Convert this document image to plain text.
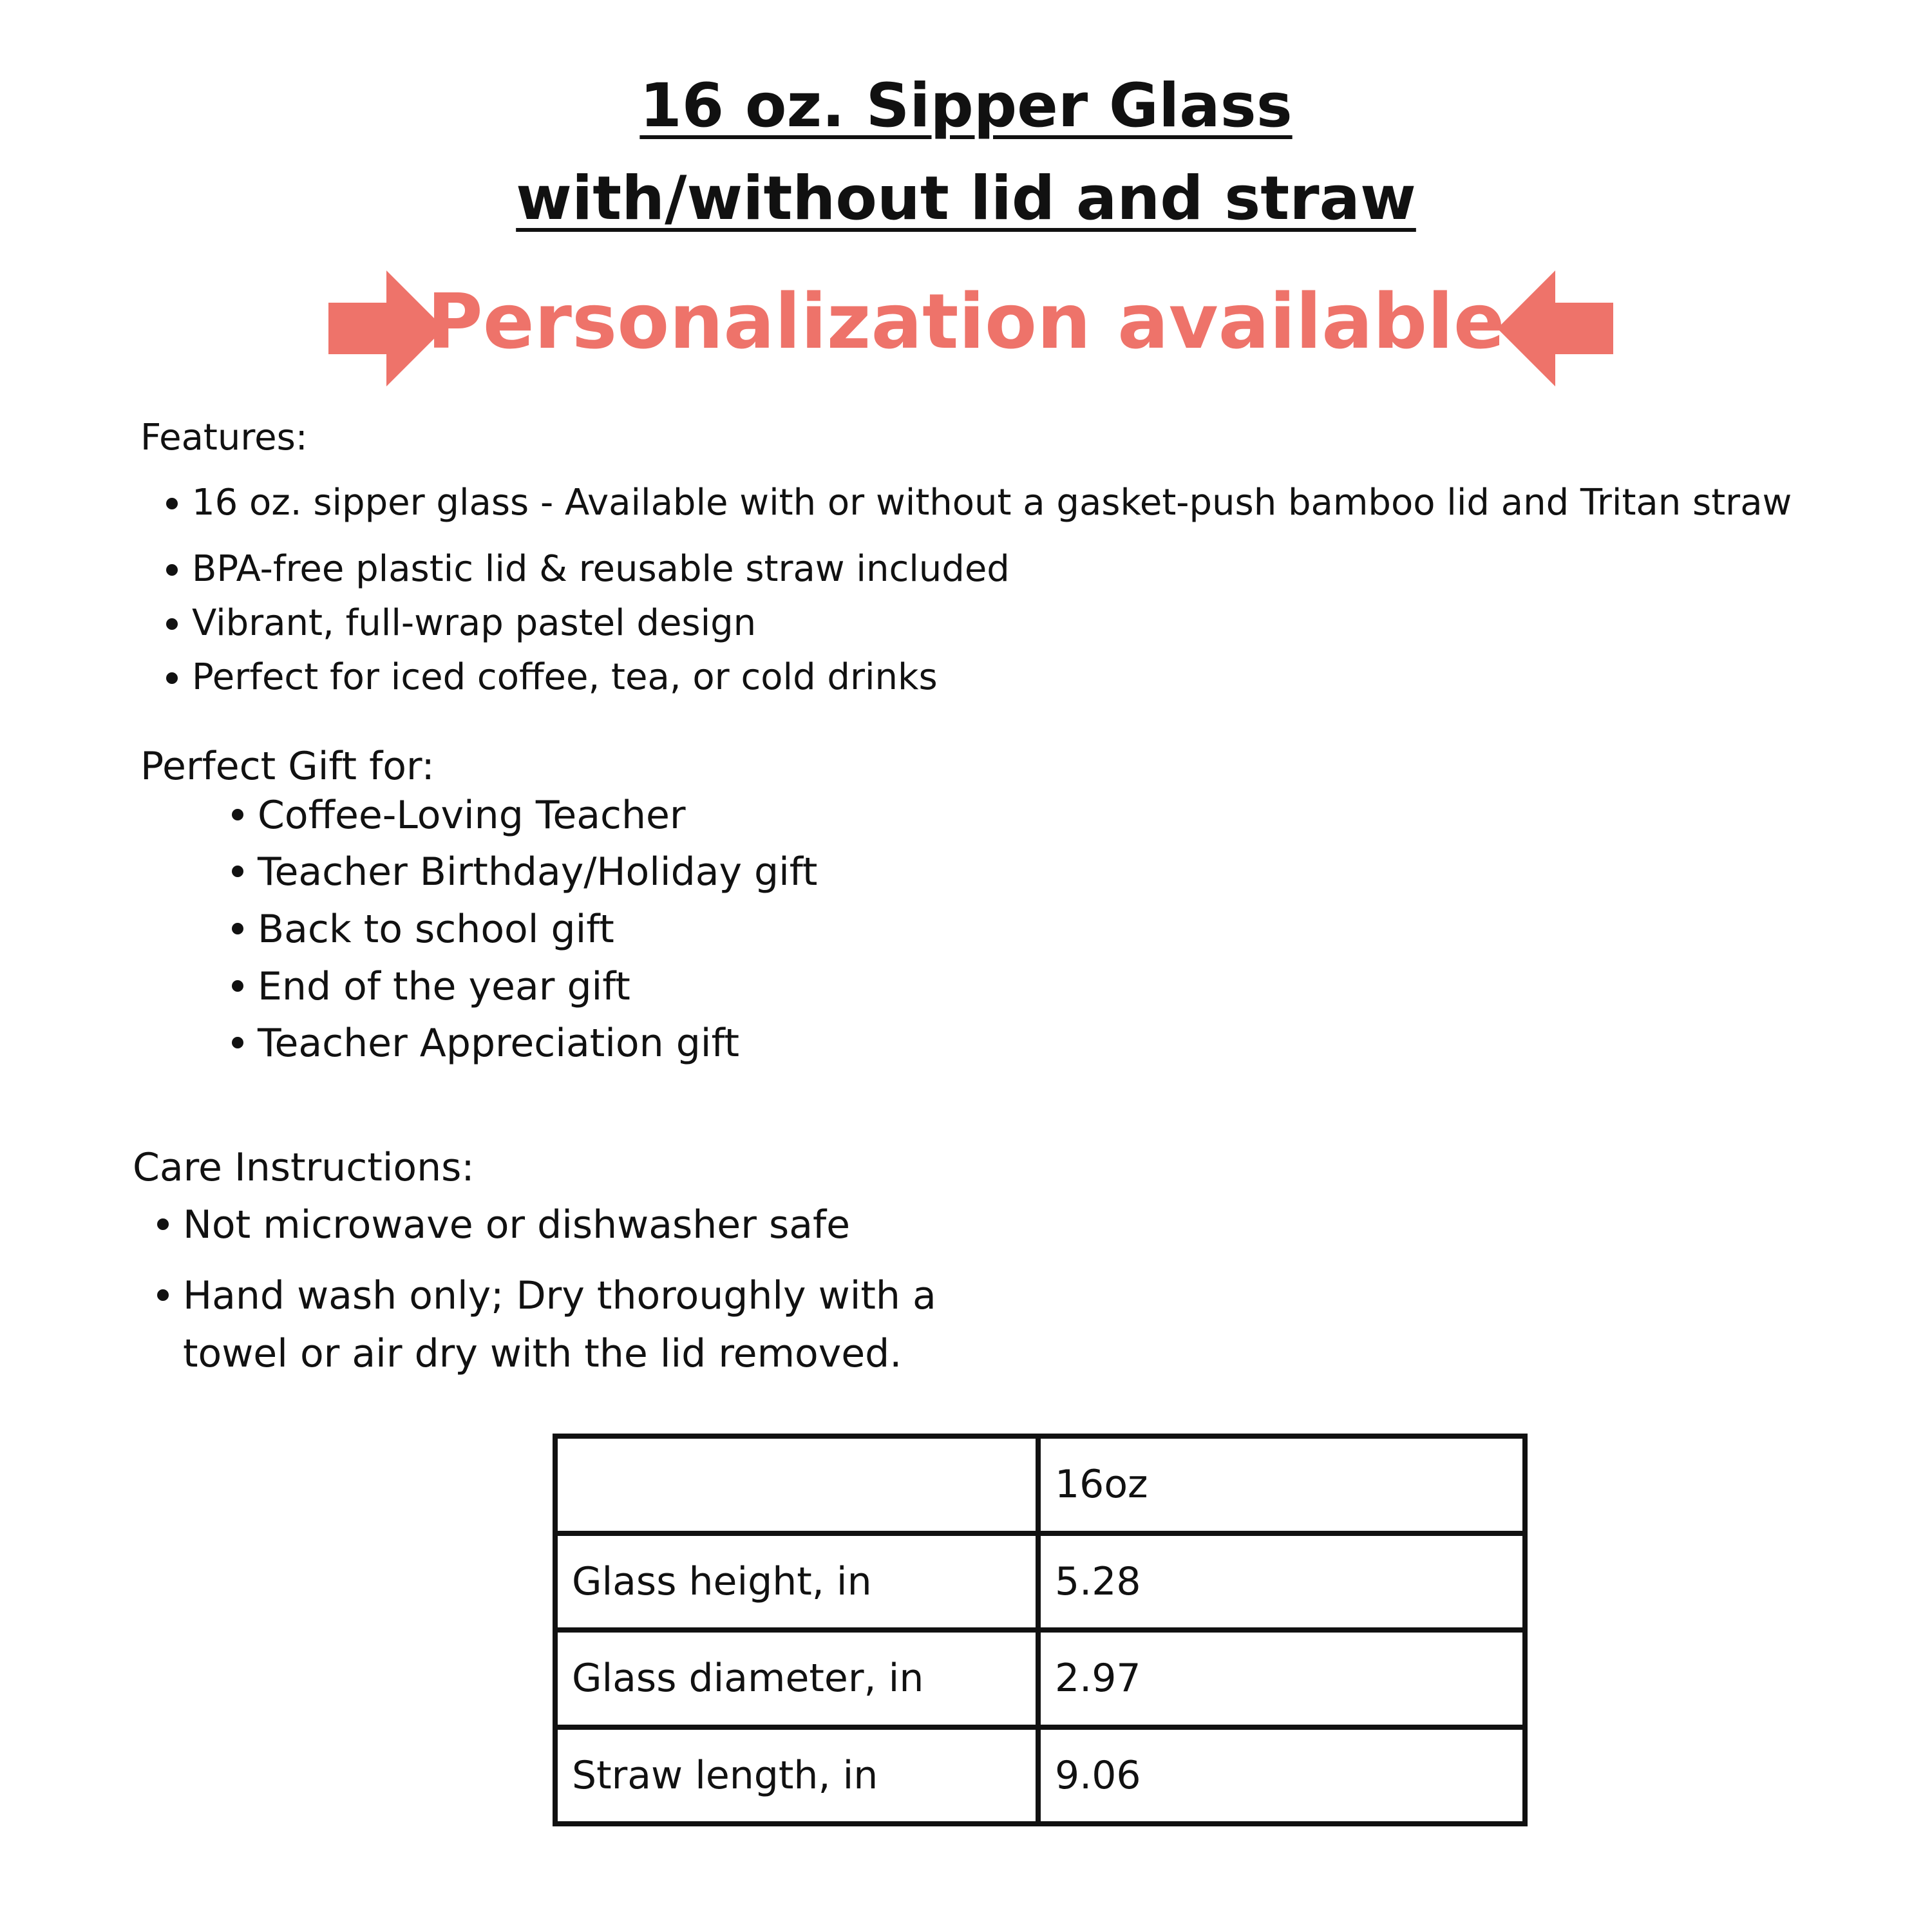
16 oz. Sipper Glass
with/without lid and straw
Personalization available
Features:
16 oz. sipper glass - Available with or without a gasket-push bamboo lid and Tritan straw
BPA-free plastic lid & reusable straw included
Vibrant, full-wrap pastel design
Perfect for iced coffee, tea, or cold drinks
Perfect Gift for:
Coffee-Loving Teacher
Teacher Birthday/Holiday gift
Back to school gift
End of the year gift
Teacher Appreciation gift
Care Instructions:
Not microwave or dishwasher safe
Hand wash only; Dry thoroughly with a
towel or air dry with the lid removed.
	16oz
Glass height, in	5.28
Glass diameter, in	2.97
Straw length, in	9.06
